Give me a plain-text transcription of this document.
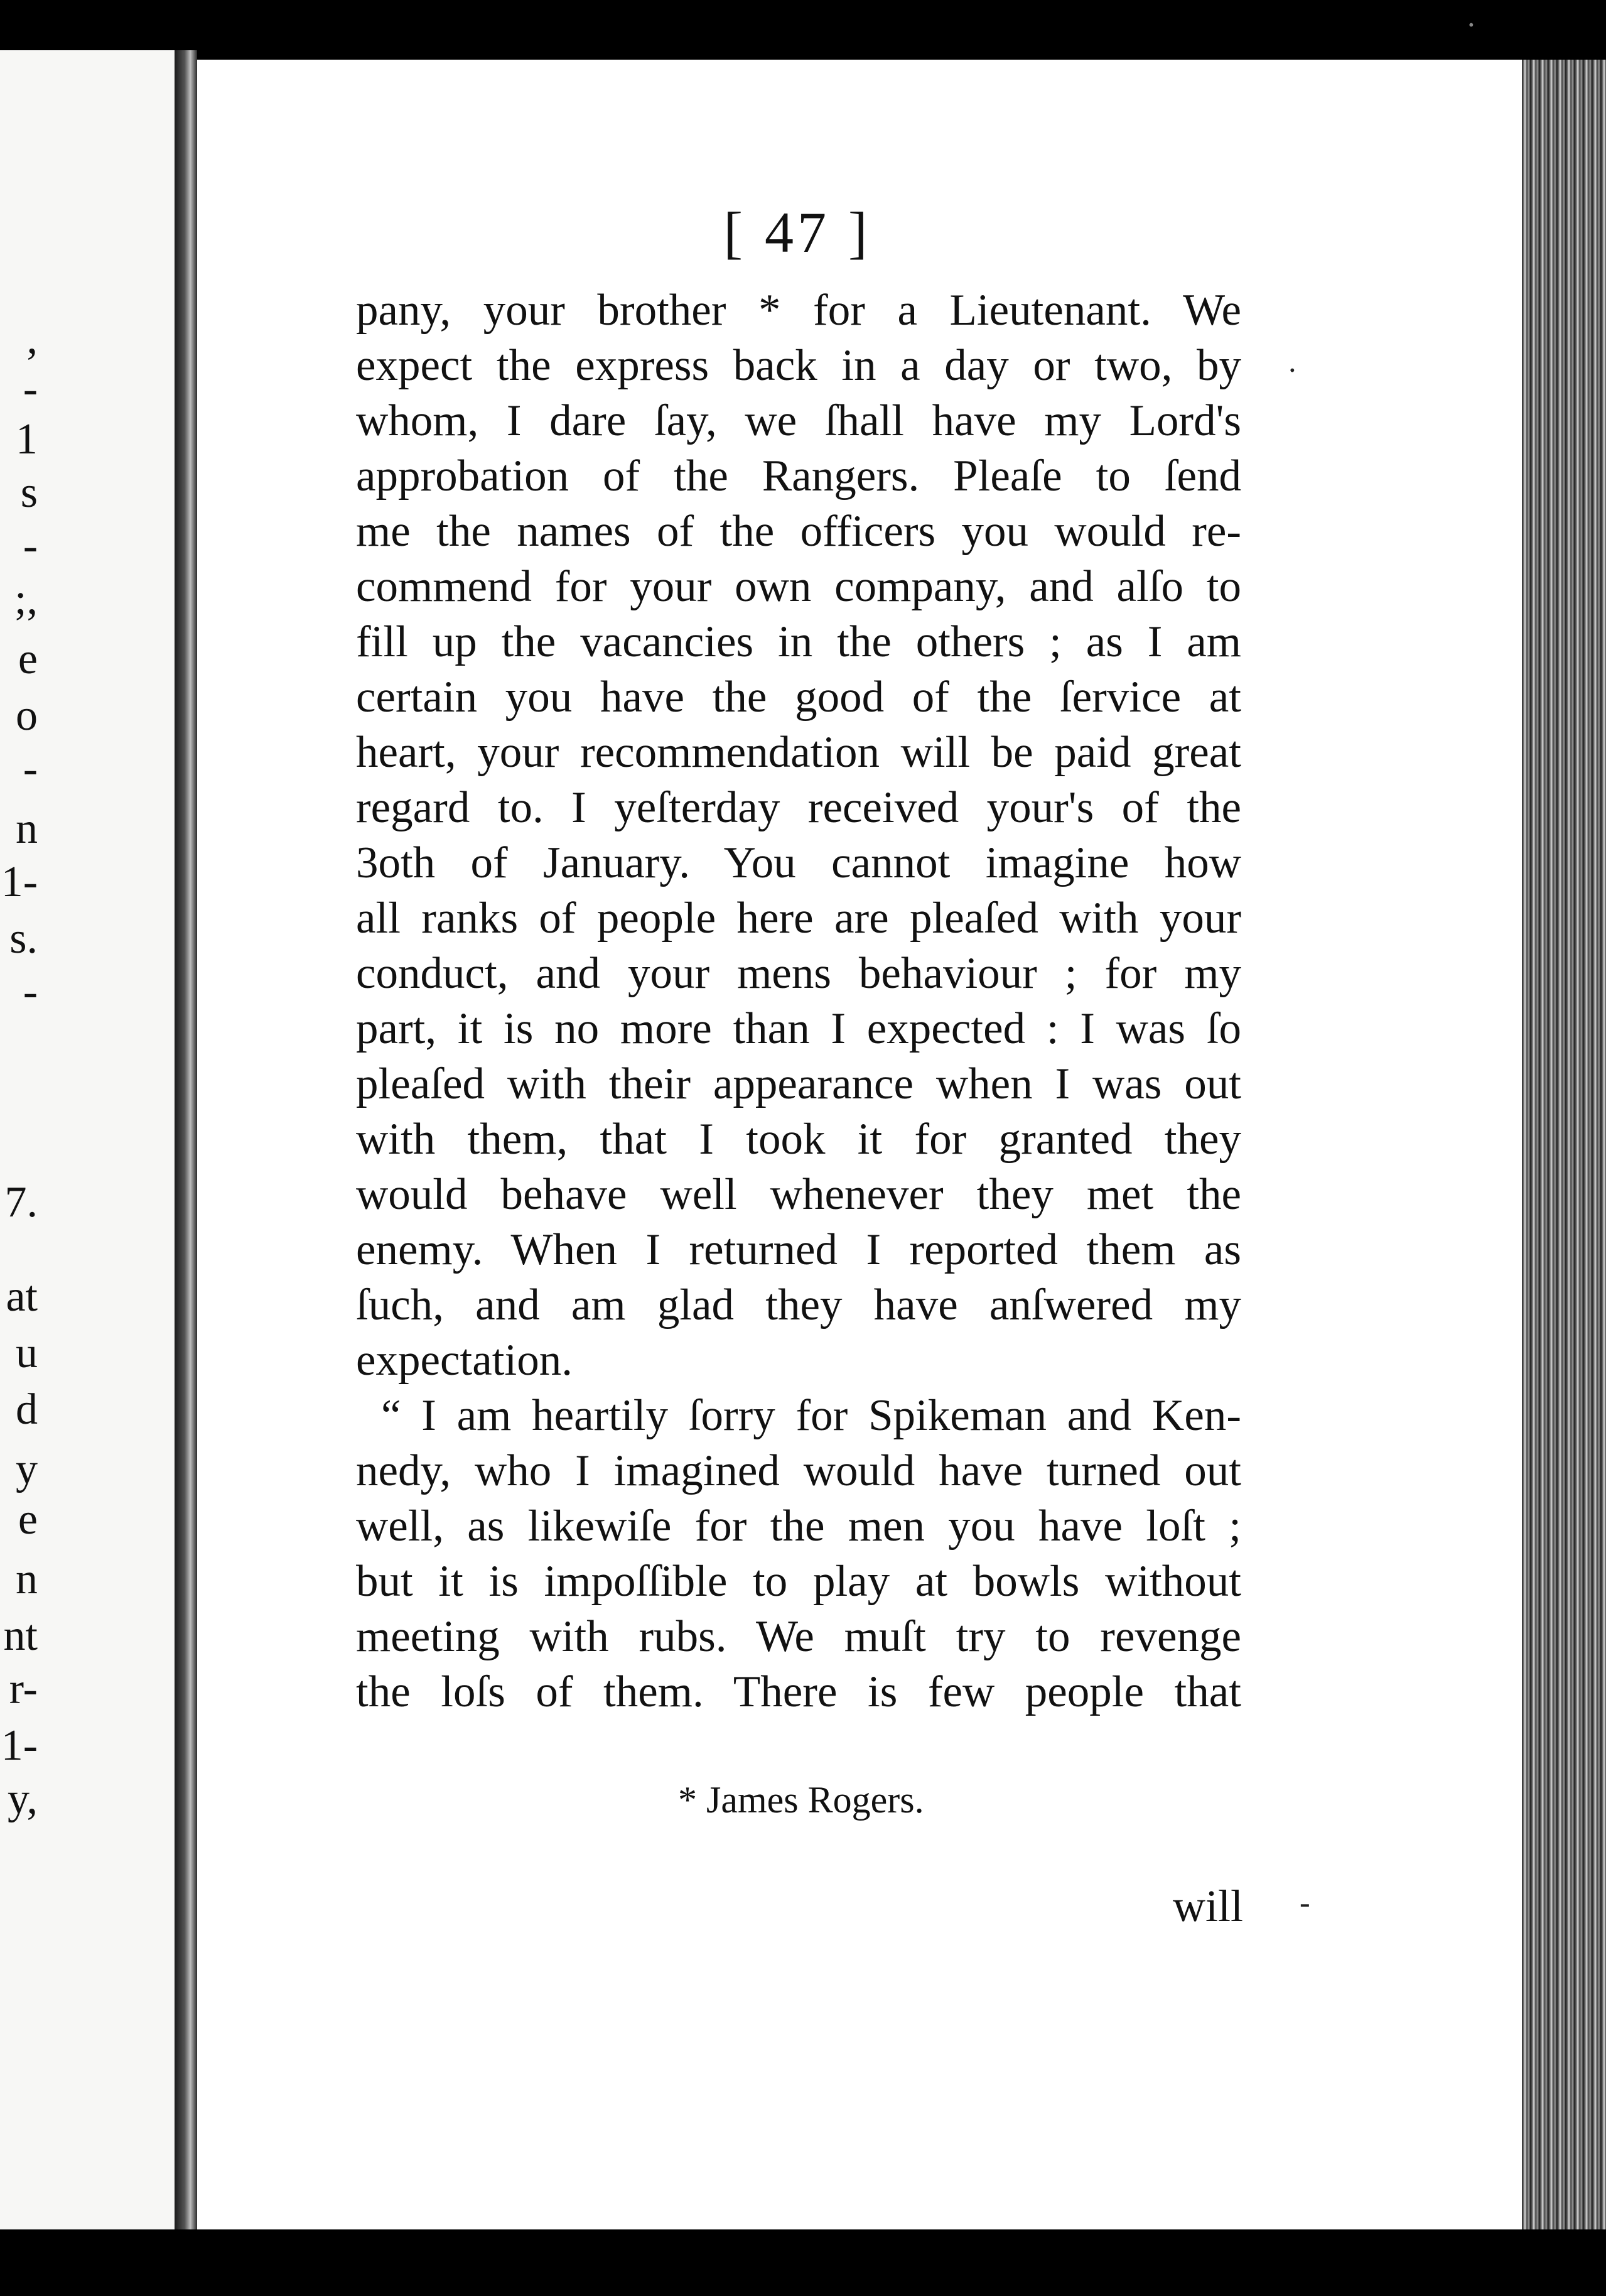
,
-
1
s
-
;,
e
o
-
n
1-
s.
-
7.
at
u
d
y
e
n
nt
r-
1-
y,
[ 47 ]
pany, your brother * for a Lieutenant. We
expect the express back in a day or two, by
whom, I dare ſay, we ſhall have my Lord's
approbation of the Rangers. Pleaſe to ſend
me the names of the officers you would re-
commend for your own company, and alſo to
fill up the vacancies in the others ; as I am
certain you have the good of the ſervice at
heart, your recommendation will be paid great
regard to. I yeſterday received your's of the
3oth of January. You cannot imagine how
all ranks of people here are pleaſed with your
conduct, and your mens behaviour ; for my
part, it is no more than I expected : I was ſo
pleaſed with their appearance when I was out
with them, that I took it for granted they
would behave well whenever they met the
enemy. When I returned I reported them as
ſuch, and am glad they have anſwered my
expectation.
“ I am heartily ſorry for Spikeman and Ken-
nedy, who I imagined would have turned out
well, as likewiſe for the men you have loſt ;
but it is impoſſible to play at bowls without
meeting with rubs. We muſt try to revenge
the loſs of them. There is few people that
* James Rogers.
will
·
-
·
